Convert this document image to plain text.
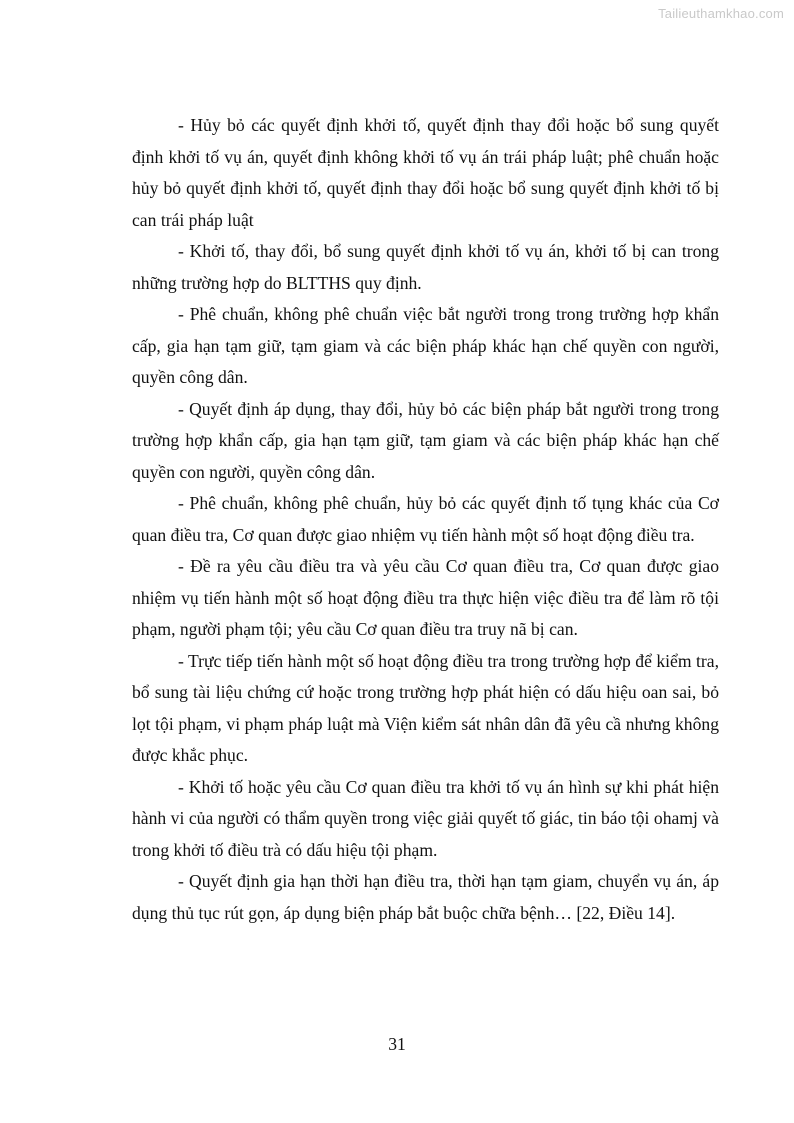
Tailieuthamkhao.com

- Hủy bỏ các quyết định khởi tố, quyết định thay đổi hoặc bổ sung quyết định khởi tố vụ án, quyết định không khởi tố vụ án trái pháp luật; phê chuẩn hoặc hủy bỏ quyết định khởi tố, quyết định thay đổi hoặc bổ sung quyết định khởi tố bị can trái pháp luật

- Khởi tố, thay đổi, bổ sung quyết định khởi tố vụ án, khởi tố bị can trong những trường hợp do BLTTHS quy định.

- Phê chuẩn, không phê chuẩn việc bắt người trong trong trường hợp khẩn cấp, gia hạn tạm giữ, tạm giam và các biện pháp khác hạn chế quyền con người, quyền công dân.

- Quyết định áp dụng, thay đổi, hủy bỏ các biện pháp bắt người trong trong trường hợp khẩn cấp, gia hạn tạm giữ, tạm giam và các biện pháp khác hạn chế quyền con người, quyền công dân.

- Phê chuẩn, không phê chuẩn, hủy bỏ các quyết định tố tụng khác của Cơ quan điều tra, Cơ quan được giao nhiệm vụ tiến hành một số hoạt động điều tra.

- Đề ra yêu cầu điều tra và yêu cầu Cơ quan điều tra, Cơ quan được giao nhiệm vụ tiến hành một số hoạt động điều tra thực hiện việc điều tra để làm rõ tội phạm, người phạm tội; yêu cầu Cơ quan điều tra truy nã bị can.

- Trực tiếp tiến hành một số hoạt động điều tra trong trường hợp để kiểm tra, bổ sung tài liệu chứng cứ hoặc trong trường hợp phát hiện có dấu hiệu oan sai, bỏ lọt tội phạm, vi phạm pháp luật mà Viện kiểm sát nhân dân đã yêu cầ nhưng không được khắc phục.

- Khởi tố hoặc yêu cầu Cơ quan điều tra khởi tố vụ án hình sự khi phát hiện hành vi của người có thẩm quyền trong việc giải quyết tố giác, tin báo tội ohamj và trong khởi tố điều trà có dấu hiệu tội phạm.

- Quyết định gia hạn thời hạn điều tra, thời hạn tạm giam, chuyển vụ án, áp dụng thủ tục rút gọn, áp dụng biện pháp bắt buộc chữa bệnh… [22, Điều 14].

31
